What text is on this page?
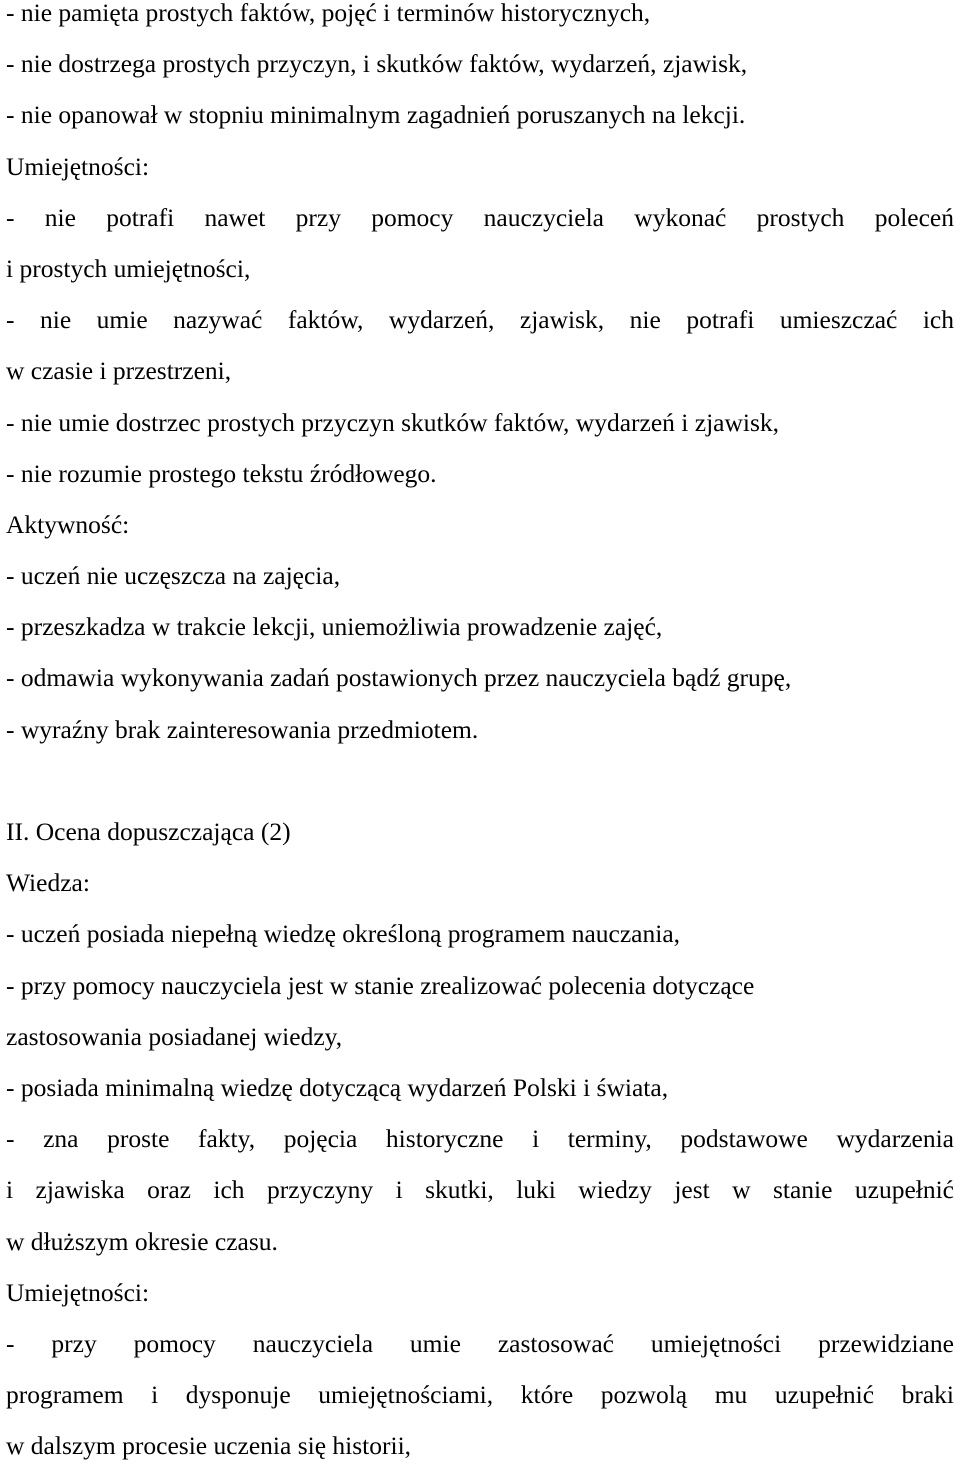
- nie pamięta prostych faktów, pojęć i terminów historycznych,
- nie dostrzega prostych przyczyn, i skutków faktów, wydarzeń, zjawisk,
- nie opanował w stopniu minimalnym zagadnień poruszanych na lekcji.
Umiejętności:
- nie potrafi nawet przy pomocy nauczyciela wykonać prostych poleceń
i prostych umiejętności,
- nie umie nazywać faktów, wydarzeń, zjawisk, nie potrafi umieszczać ich
w czasie i przestrzeni,
- nie umie dostrzec prostych przyczyn skutków faktów, wydarzeń i zjawisk,
- nie rozumie prostego tekstu źródłowego.
Aktywność:
- uczeń nie uczęszcza na zajęcia,
- przeszkadza w trakcie lekcji, uniemożliwia prowadzenie zajęć,
- odmawia wykonywania zadań postawionych przez nauczyciela bądź grupę,
- wyraźny brak zainteresowania przedmiotem.
II. Ocena dopuszczająca (2)
Wiedza:
- uczeń posiada niepełną wiedzę określoną programem nauczania,
- przy pomocy nauczyciela jest w stanie zrealizować polecenia dotyczące
zastosowania posiadanej wiedzy,
- posiada minimalną wiedzę dotyczącą wydarzeń Polski i świata,
- zna proste fakty, pojęcia historyczne i terminy, podstawowe wydarzenia
i zjawiska oraz ich przyczyny i skutki, luki wiedzy jest w stanie uzupełnić
w dłuższym okresie czasu.
Umiejętności:
- przy pomocy nauczyciela umie zastosować umiejętności przewidziane
programem i dysponuje umiejętnościami, które pozwolą mu uzupełnić braki
w dalszym procesie uczenia się historii,
